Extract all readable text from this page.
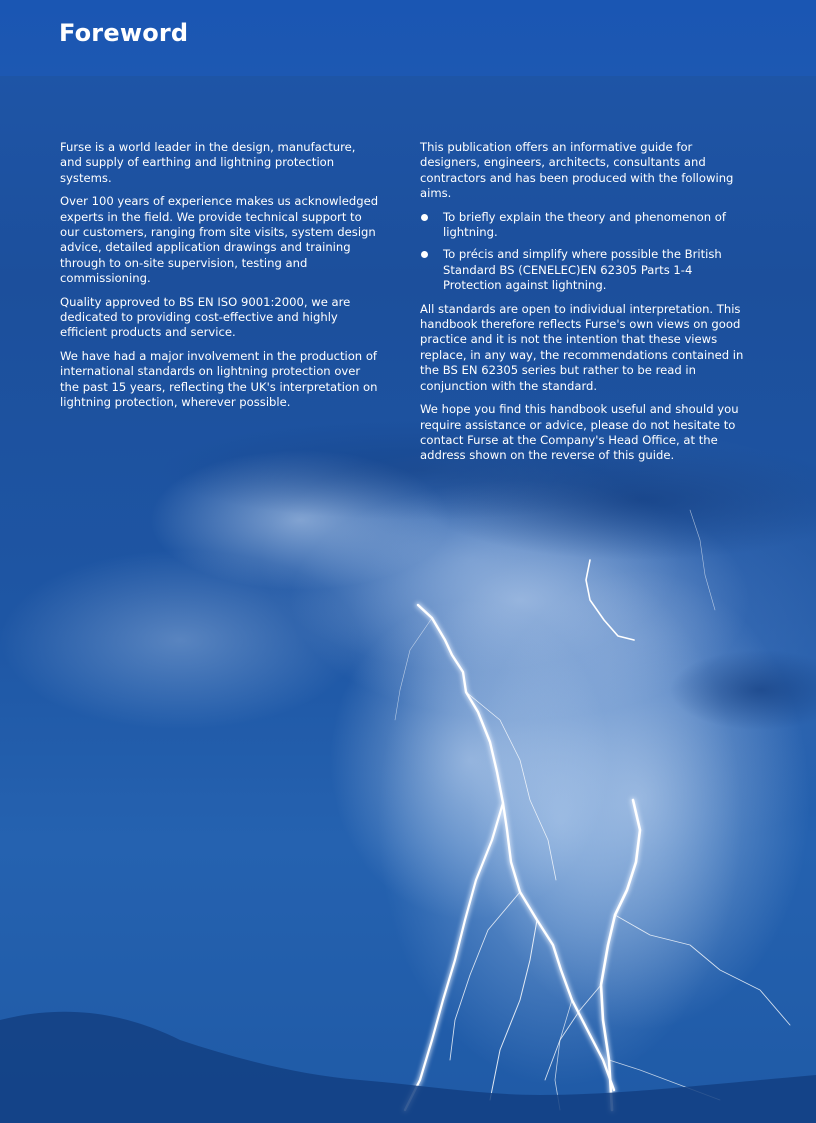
Foreword

Furse is a world leader in the design, manufacture, and supply of earthing and lightning protection systems.

Over 100 years of experience makes us acknowledged experts in the field. We provide technical support to our customers, ranging from site visits, system design advice, detailed application drawings and training through to on-site supervision, testing and commissioning.

Quality approved to BS EN ISO 9001:2000, we are dedicated to providing cost-effective and highly efficient products and service.

We have had a major involvement in the production of international standards on lightning protection over the past 15 years, reflecting the UK's interpretation on lightning protection, wherever possible.

This publication offers an informative guide for designers, engineers, architects, consultants and contractors and has been produced with the following aims.

To briefly explain the theory and phenomenon of lightning.
To précis and simplify where possible the British Standard BS (CENELEC)EN 62305 Parts 1-4 Protection against lightning.

All standards are open to individual interpretation. This handbook therefore reflects Furse's own views on good practice and it is not the intention that these views replace, in any way, the recommendations contained in the BS EN 62305 series but rather to be read in conjunction with the standard.

We hope you find this handbook useful and should you require assistance or advice, please do not hesitate to contact Furse at the Company's Head Office, at the address shown on the reverse of this guide.
